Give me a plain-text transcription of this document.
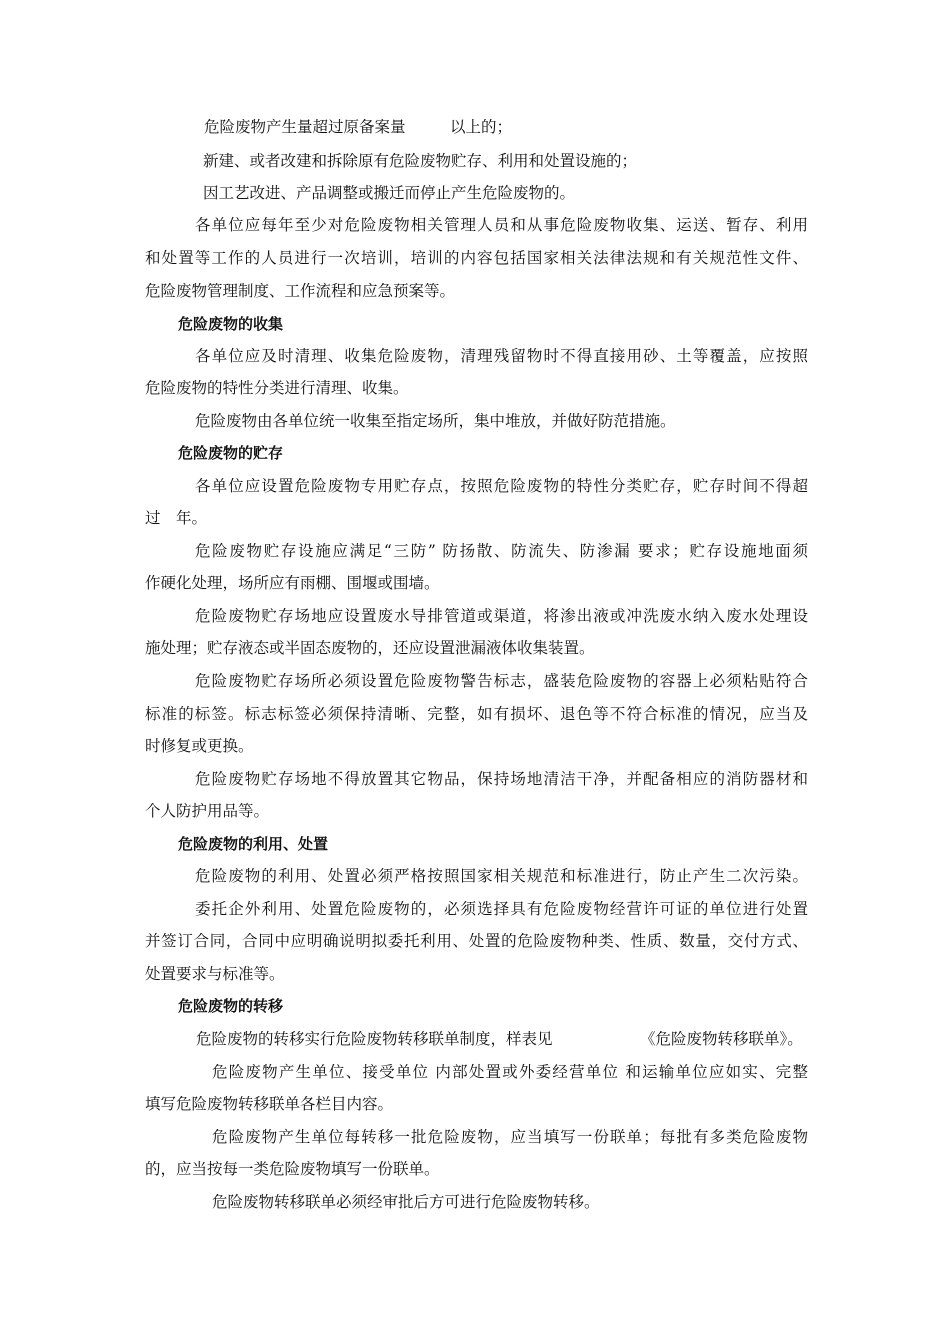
危险废物产生量超过原备案量	以上的；
新建、或者改建和拆除原有危险废物贮存、利用和处置设施的；
因工艺改进、产品调整或搬迁而停止产生危险废物的。
各单位应每年至少对危险废物相关管理人员和从事危险废物收集、运送、暂存、利用
和处置等工作的人员进行一次培训，培训的内容包括国家相关法律法规和有关规范性文件、
危险废物管理制度、工作流程和应急预案等。
危险废物的收集
各单位应及时清理、收集危险废物，清理残留物时不得直接用砂、土等覆盖，应按照
危险废物的特性分类进行清理、收集。
危险废物由各单位统一收集至指定场所，集中堆放，并做好防范措施。
危险废物的贮存
各单位应设置危险废物专用贮存点，按照危险废物的特性分类贮存，贮存时间不得超
过　年。
危险废物贮存设施应满足“三防” 防扬散、防流失、防渗漏 要求；贮存设施地面须
作硬化处理，场所应有雨棚、围堰或围墙。
危险废物贮存场地应设置废水导排管道或渠道，将渗出液或冲洗废水纳入废水处理设
施处理；贮存液态或半固态废物的，还应设置泄漏液体收集装置。
危险废物贮存场所必须设置危险废物警告标志，盛装危险废物的容器上必须粘贴符合
标准的标签。标志标签必须保持清晰、完整，如有损坏、退色等不符合标准的情况，应当及
时修复或更换。
危险废物贮存场地不得放置其它物品，保持场地清洁干净，并配备相应的消防器材和
个人防护用品等。
危险废物的利用、处置
危险废物的利用、处置必须严格按照国家相关规范和标准进行，防止产生二次污染。
委托企外利用、处置危险废物的，必须选择具有危险废物经营许可证的单位进行处置
并签订合同，合同中应明确说明拟委托利用、处置的危险废物种类、性质、数量，交付方式、
处置要求与标准等。
危险废物的转移
危险废物的转移实行危险废物转移联单制度，样表见	《危险废物转移联单》。
危险废物产生单位、接受单位 内部处置或外委经营单位 和运输单位应如实、完整
填写危险废物转移联单各栏目内容。
危险废物产生单位每转移一批危险废物，应当填写一份联单；每批有多类危险废物
的，应当按每一类危险废物填写一份联单。
危险废物转移联单必须经审批后方可进行危险废物转移。
